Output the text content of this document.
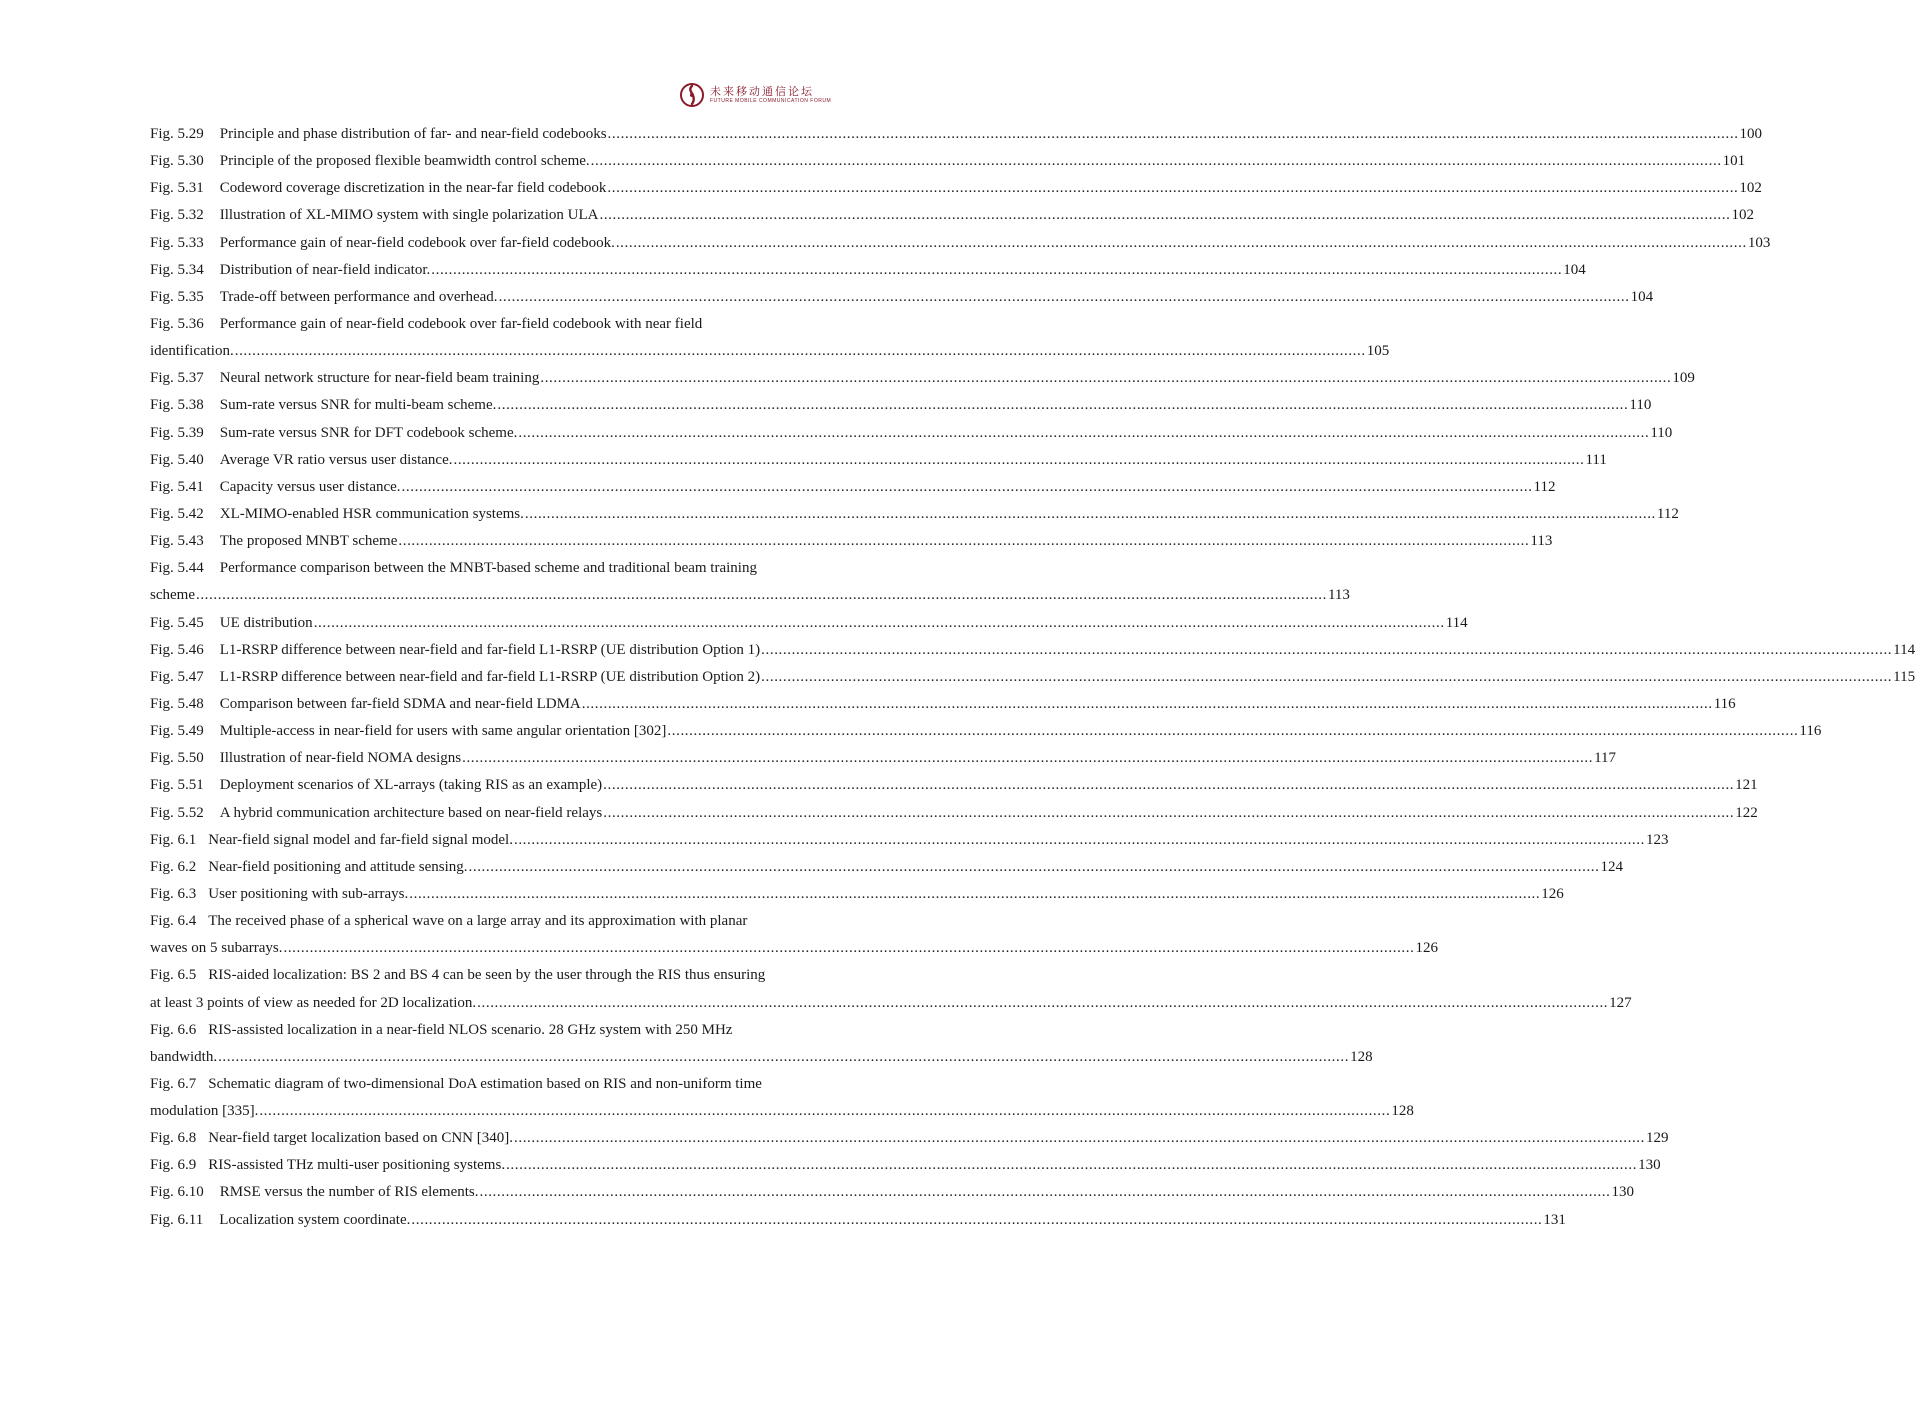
未来移动通信论坛
FUTURE MOBILE COMMUNICATION FORUM
Fig. 5.29 Principle and phase distribution of far- and near-field codebooks .................................................................................................................................................................................................................................................................... 100
Fig. 5.30 Principle of the proposed flexible beamwidth control scheme. .................................................................................................................................................................................................................................................................... 101
Fig. 5.31 Codeword coverage discretization in the near-far field codebook .................................................................................................................................................................................................................................................................... 102
Fig. 5.32 Illustration of XL-MIMO system with single polarization ULA .................................................................................................................................................................................................................................................................... 102
Fig. 5.33 Performance gain of near-field codebook over far-field codebook. .................................................................................................................................................................................................................................................................... 103
Fig. 5.34 Distribution of near-field indicator. .................................................................................................................................................................................................................................................................... 104
Fig. 5.35 Trade-off between performance and overhead. .................................................................................................................................................................................................................................................................... 104
Fig. 5.36 Performance gain of near-field codebook over far-field codebook with near field
identification. .................................................................................................................................................................................................................................................................... 105
Fig. 5.37 Neural network structure for near-field beam training .................................................................................................................................................................................................................................................................... 109
Fig. 5.38 Sum-rate versus SNR for multi-beam scheme. .................................................................................................................................................................................................................................................................... 110
Fig. 5.39 Sum-rate versus SNR for DFT codebook scheme. .................................................................................................................................................................................................................................................................... 110
Fig. 5.40 Average VR ratio versus user distance. .................................................................................................................................................................................................................................................................... 111
Fig. 5.41 Capacity versus user distance. .................................................................................................................................................................................................................................................................... 112
Fig. 5.42 XL-MIMO-enabled HSR communication systems. .................................................................................................................................................................................................................................................................... 112
Fig. 5.43 The proposed MNBT scheme .................................................................................................................................................................................................................................................................... 113
Fig. 5.44 Performance comparison between the MNBT-based scheme and traditional beam training
scheme .................................................................................................................................................................................................................................................................... 113
Fig. 5.45 UE distribution .................................................................................................................................................................................................................................................................... 114
Fig. 5.46 L1-RSRP difference between near-field and far-field L1-RSRP (UE distribution Option 1) .................................................................................................................................................................................................................................................................... 114
Fig. 5.47 L1-RSRP difference between near-field and far-field L1-RSRP (UE distribution Option 2) .................................................................................................................................................................................................................................................................... 115
Fig. 5.48 Comparison between far-field SDMA and near-field LDMA .................................................................................................................................................................................................................................................................... 116
Fig. 5.49 Multiple-access in near-field for users with same angular orientation [302] .................................................................................................................................................................................................................................................................... 116
Fig. 5.50 Illustration of near-field NOMA designs .................................................................................................................................................................................................................................................................... 117
Fig. 5.51 Deployment scenarios of XL-arrays (taking RIS as an example) .................................................................................................................................................................................................................................................................... 121
Fig. 5.52 A hybrid communication architecture based on near-field relays .................................................................................................................................................................................................................................................................... 122
Fig. 6.1 Near-field signal model and far-field signal model. .................................................................................................................................................................................................................................................................... 123
Fig. 6.2 Near-field positioning and attitude sensing. .................................................................................................................................................................................................................................................................... 124
Fig. 6.3 User positioning with sub-arrays. .................................................................................................................................................................................................................................................................... 126
Fig. 6.4 The received phase of a spherical wave on a large array and its approximation with planar
waves on 5 subarrays. .................................................................................................................................................................................................................................................................... 126
Fig. 6.5 RIS-aided localization: BS 2 and BS 4 can be seen by the user through the RIS thus ensuring
at least 3 points of view as needed for 2D localization. .................................................................................................................................................................................................................................................................... 127
Fig. 6.6 RIS-assisted localization in a near-field NLOS scenario. 28 GHz system with 250 MHz
bandwidth. .................................................................................................................................................................................................................................................................... 128
Fig. 6.7 Schematic diagram of two-dimensional DoA estimation based on RIS and non-uniform time
modulation [335]. .................................................................................................................................................................................................................................................................... 128
Fig. 6.8 Near-field target localization based on CNN [340]. .................................................................................................................................................................................................................................................................... 129
Fig. 6.9 RIS-assisted THz multi-user positioning systems. .................................................................................................................................................................................................................................................................... 130
Fig. 6.10 RMSE versus the number of RIS elements. .................................................................................................................................................................................................................................................................... 130
Fig. 6.11 Localization system coordinate. .................................................................................................................................................................................................................................................................... 131
